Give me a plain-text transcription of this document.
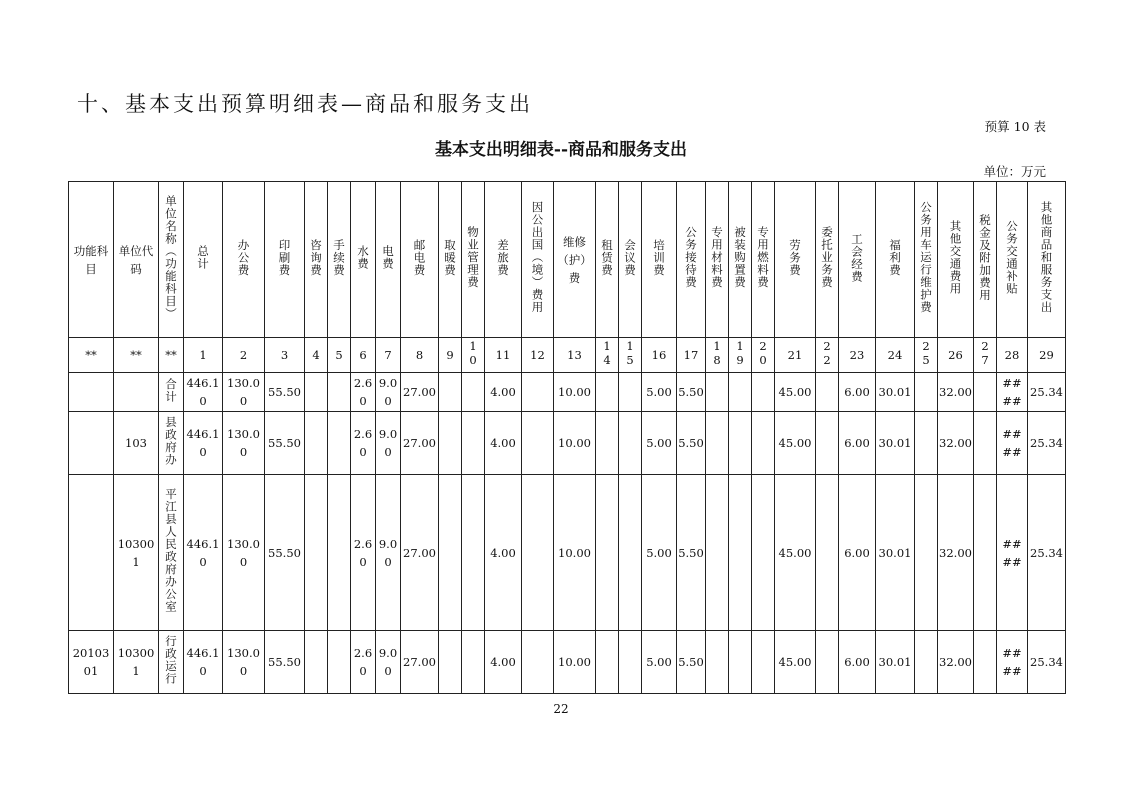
十、基本支出预算明细表—商品和服务支出
预算 10 表
基本支出明细表--商品和服务支出
单位：万元
功能科目	单位代码	单位名称（功能科目）	总计	办公费	印刷费	咨询费	手续费	水费	电费	邮电费	取暖费	物业管理费	差旅费	因公出国（境）费用	维修（护）费	租赁费	会议费	培训费	公务接待费	专用材料费	被装购置费	专用燃料费	劳务费	委托业务费	工会经费	福利费	公务用车运行维护费	其他交通费用	税金及附加费用	公务交通补贴	其他商品和服务支出
**	**	**	1	2	3	4	5	6	7	8	9	10	11	12	13	14	15	16	17	18	19	20	21	22	23	24	25	26	27	28	29

	合计	446.10	130.00	55.50			2.60	9.00	27.00			4.00		10.00			5.00	5.50				45.00		6.00	30.01		32.00		####	25.34

	103	县政府办	446.10	130.00	55.50			2.60	9.00	27.00			4.00		10.00			5.00	5.50				45.00		6.00	30.01		32.00		####	25.34

	103001	平江县人民政府办公室	446.10	130.00	55.50			2.60	9.00	27.00			4.00		10.00			5.00	5.50				45.00		6.00	30.01		32.00		####	25.34

20103 01	103001	行政运行	446.10	130.00	55.50			2.60	9.00	27.00			4.00		10.00			5.00	5.50				45.00		6.00	30.01		32.00		####	25.34
22
